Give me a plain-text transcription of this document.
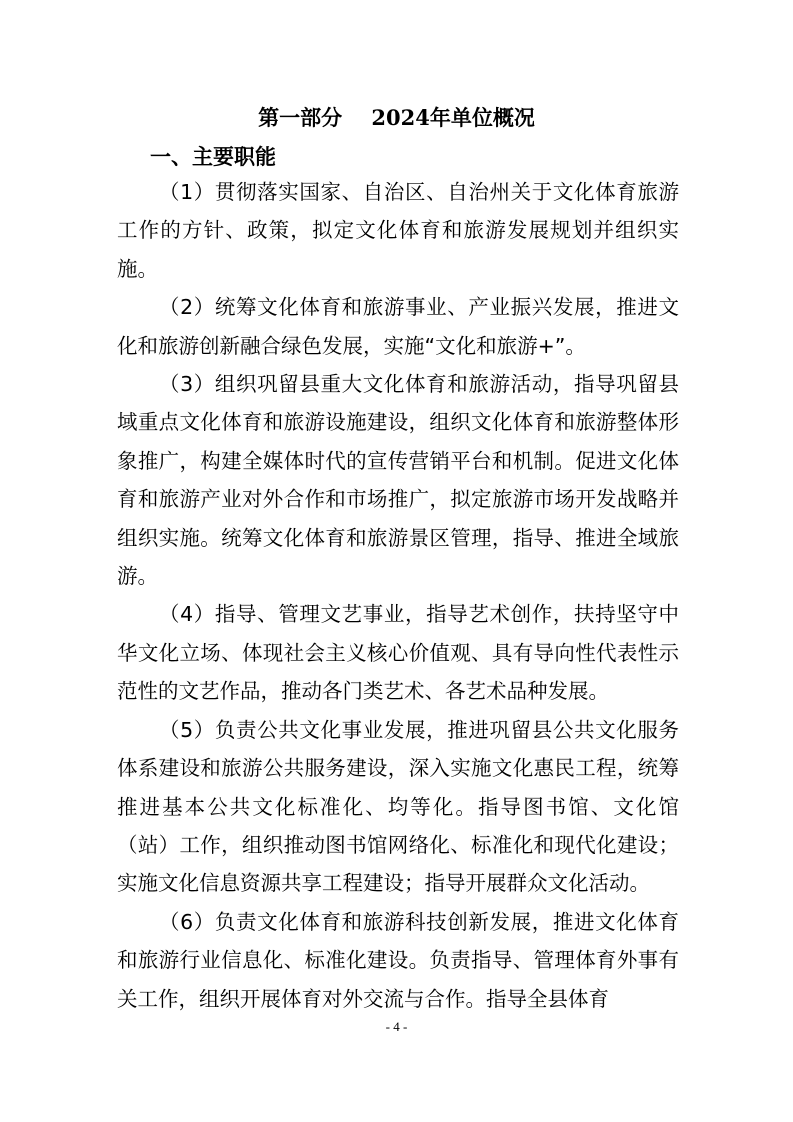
第一部分    2024年单位概况
一、主要职能

（1）贯彻落实国家、自治区、自治州关于文化体育旅游工作的方针、政策，拟定文化体育和旅游发展规划并组织实施。

（2）统筹文化体育和旅游事业、产业振兴发展，推进文化和旅游创新融合绿色发展，实施“文化和旅游+”。

（3）组织巩留县重大文化体育和旅游活动，指导巩留县域重点文化体育和旅游设施建设，组织文化体育和旅游整体形象推广，构建全媒体时代的宣传营销平台和机制。促进文化体育和旅游产业对外合作和市场推广，拟定旅游市场开发战略并组织实施。统筹文化体育和旅游景区管理，指导、推进全域旅游。

（4）指导、管理文艺事业，指导艺术创作，扶持坚守中华文化立场、体现社会主义核心价值观、具有导向性代表性示范性的文艺作品，推动各门类艺术、各艺术品种发展。

（5）负责公共文化事业发展，推进巩留县公共文化服务体系建设和旅游公共服务建设，深入实施文化惠民工程，统筹推进基本公共文化标准化、均等化。指导图书馆、文化馆（站）工作，组织推动图书馆网络化、标准化和现代化建设；实施文化信息资源共享工程建设；指导开展群众文化活动。

（6）负责文化体育和旅游科技创新发展，推进文化体育和旅游行业信息化、标准化建设。负责指导、管理体育外事有关工作，组织开展体育对外交流与合作。指导全县体育

- 4 -
